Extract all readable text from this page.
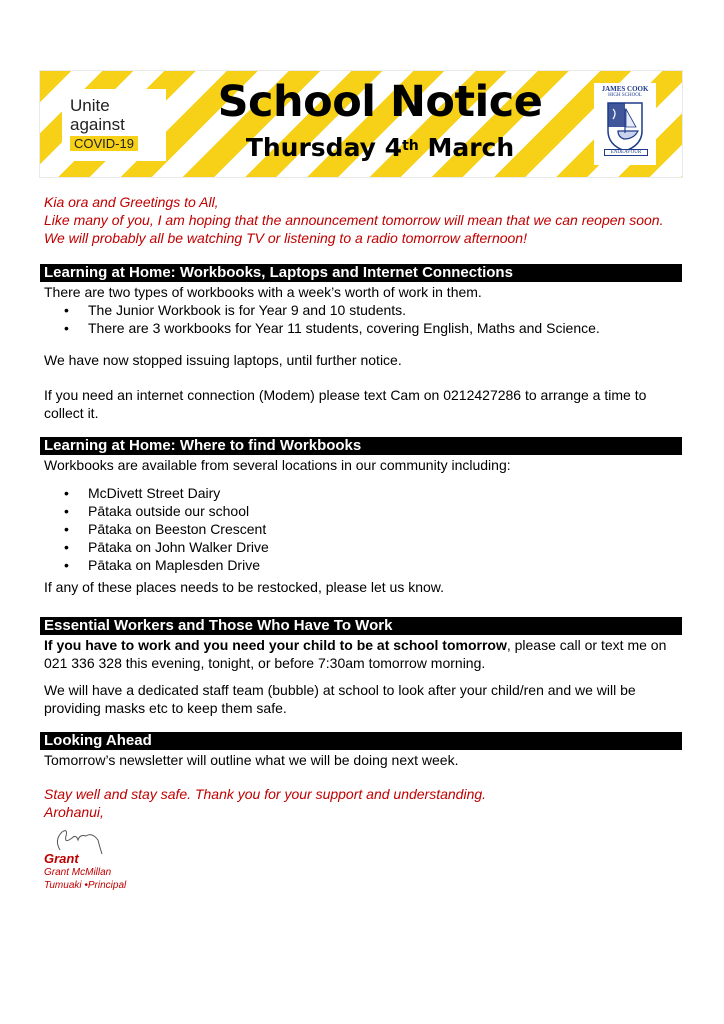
Unite
against
COVID-19
School Notice
Thursday 4th March
JAMES COOK
HIGH SCHOOL
ENDEAVOUR

Kia ora and Greetings to All,

Like many of you, I am hoping that the announcement tomorrow will mean that we can reopen soon. We will probably all be watching TV or listening to a radio tomorrow afternoon!

Learning at Home: Workbooks, Laptops and Internet Connections

There are two types of workbooks with a week’s worth of work in them.

• The Junior Workbook is for Year 9 and 10 students.
• There are 3 workbooks for Year 11 students, covering English, Maths and Science.

We have now stopped issuing laptops, until further notice.

If you need an internet connection (Modem) please text Cam on 0212427286 to arrange a time to collect it.

Learning at Home: Where to find Workbooks

Workbooks are available from several locations in our community including:

• McDivett Street Dairy
• Pātaka outside our school
• Pātaka on Beeston Crescent
• Pātaka on John Walker Drive
• Pātaka on Maplesden Drive

If any of these places needs to be restocked, please let us know.

Essential Workers and Those Who Have To Work

If you have to work and you need your child to be at school tomorrow, please call or text me on 021 336 328 this evening, tonight, or before 7:30am tomorrow morning.

We will have a dedicated staff team (bubble) at school to look after your child/ren and we will be providing masks etc to keep them safe.

Looking Ahead

Tomorrow’s newsletter will outline what we will be doing next week.

Stay well and stay safe. Thank you for your support and understanding.

Arohanui,

Grant

Grant McMillan
Tumuaki •Principal
